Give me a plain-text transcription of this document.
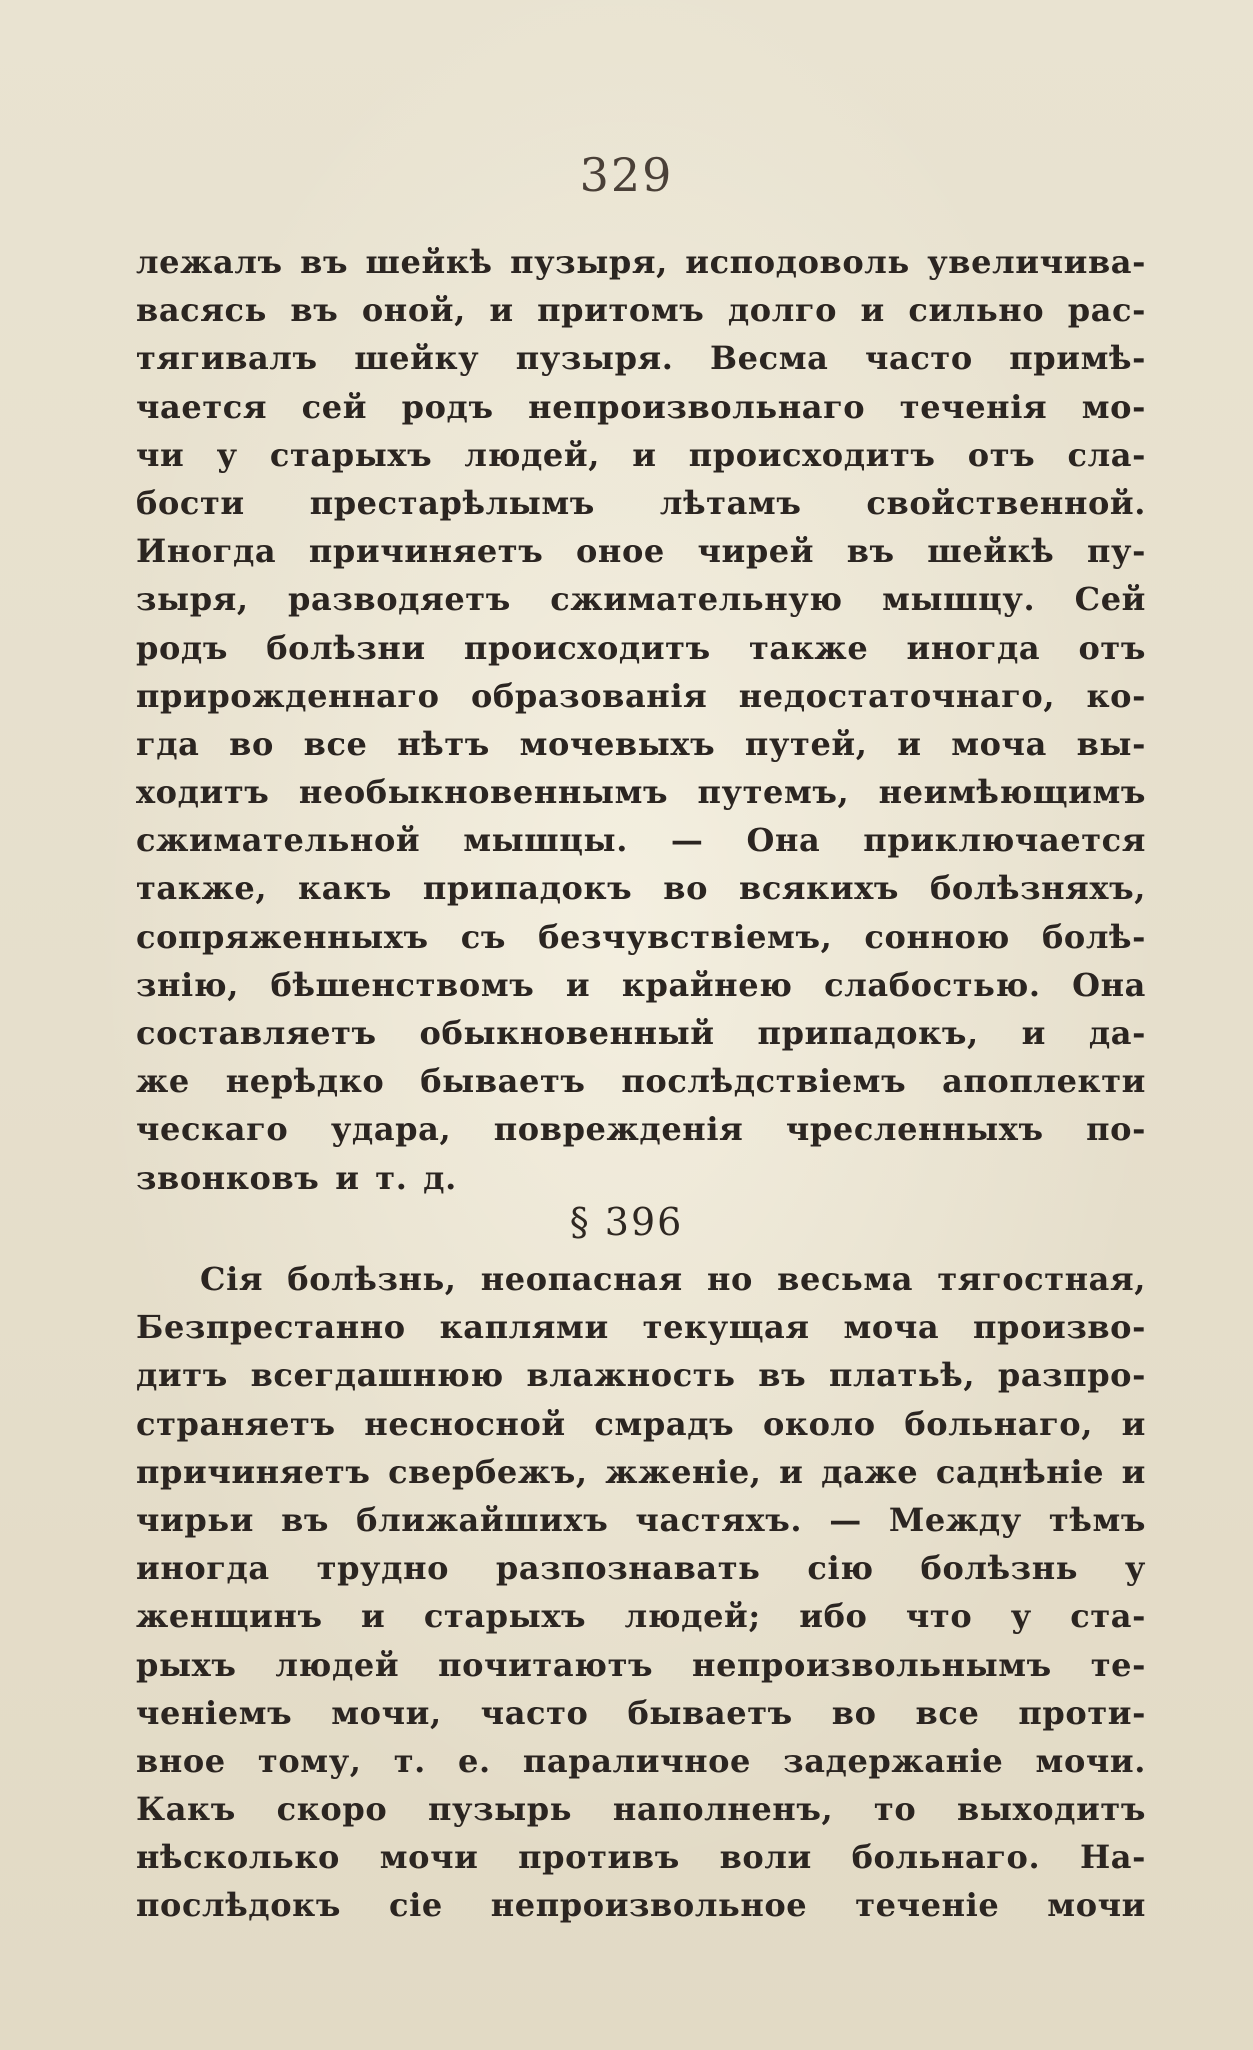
329
лежалъ въ шейкѣ пузыря, исподоволь увеличивa-
васясь въ оной, и притомъ долго и сильно рас-
тягивалъ шейку пузыря. Весма часто примѣ-
чается сей родъ непроизвольнаго теченія мо-
чи у старыхъ людей, и происходитъ отъ сла-
бости престарѣлымъ лѣтамъ свойственной.
Иногда причиняетъ оное чирей въ шейкѣ пу-
зыря, разводяетъ сжимательную мышцу. Сей
родъ болѣзни происходитъ также иногда отъ
прирожденнаго образованія недостаточнаго, ко-
гда во все нѣтъ мочевыхъ путей, и моча вы-
ходитъ необыкновеннымъ путемъ, неимѣющимъ
сжимательной мышцы. — Она приключается
также, какъ припадокъ во всякихъ болѣзняхъ,
сопряженныхъ съ безчувствіемъ, сонною болѣ-
знію, бѣшенствомъ и крайнею слабостью. Она
составляетъ обыкновенный припадокъ, и да-
же нерѣдко бываетъ послѣдствіемъ апоплекти
ческаго удара, поврежденія чресленныхъ по-
звонковъ и т. д.
§ 396
Сія болѣзнь, неопасная но весьма тягостная,
Безпрестанно каплями текущая моча произво-
дитъ всегдашнюю влажность въ платьѣ, разпро-
страняетъ несносной смрадъ около больнаго, и
причиняетъ свербежъ, жженіе, и даже саднѣніе и
чирьи въ ближайшихъ частяхъ. — Между тѣмъ
иногда трудно разпознавать сію болѣзнь у
женщинъ и старыхъ людей; ибо что у ста-
рыхъ людей почитаютъ непроизвольнымъ те-
ченіемъ мочи, часто бываетъ во все проти-
вное тому, т. е. параличное задержаніе мочи.
Какъ скоро пузырь наполненъ, то выходитъ
нѣсколько мочи противъ воли больнаго. На-
послѣдокъ сіе непроизвольное теченіе мочи
